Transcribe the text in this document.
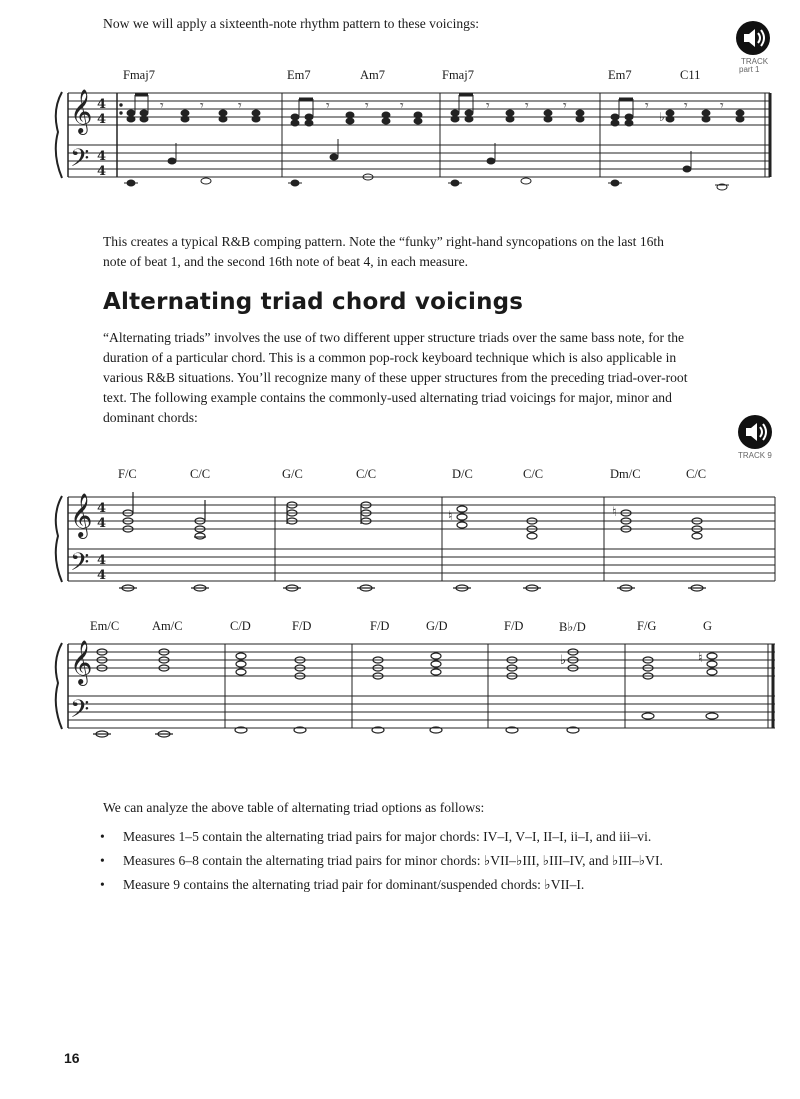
Now we will apply a sixteenth-note rhythm pattern to these voicings:
TRACK
part 1
Fmaj7	Em7	Am7	Fmaj7	Em7	C11
𝄞
𝄢
4
4
4
4
𝄾	𝄾 𝄾	𝄾	𝄾 𝄾	𝄾	𝄾 𝄾	𝄾
♭
𝄾 𝄾
This creates a typical R&B comping pattern. Note the “funky” right-hand syncopations on the last 16th
note of beat 1, and the second 16th note of beat 4, in each measure.
Alternating triad chord voicings
“Alternating triads” involves the use of two different upper structure triads over the same bass note, for the
duration of a particular chord. This is a common pop-rock keyboard technique which is also applicable in
various R&B situations. You’ll recognize many of these upper structures from the preceding triad-over-root
text. The following example contains the commonly-used alternating triad voicings for major, minor and
dominant chords:
TRACK 9
F/C	C/C	G/C	C/C	D/C	C/C	Dm/C	C/C
𝄞
𝄢
4
4
4
4
♮	♮
Em/C	Am/C	C/D	F/D	F/D	G/D	F/D	B♭/D	F/G	G
𝄞
𝄢
♭	♮
We can analyze the above table of alternating triad options as follows:
• Measures 1–5 contain the alternating triad pairs for major chords: IV–I, V–I, II–I, ii–I, and iii–vi.
• Measures 6–8 contain the alternating triad pairs for minor chords: ♭VII–♭III, ♭III–IV, and ♭III–♭VI.
• Measure 9 contains the alternating triad pair for dominant/suspended chords: ♭VII–I.
16
